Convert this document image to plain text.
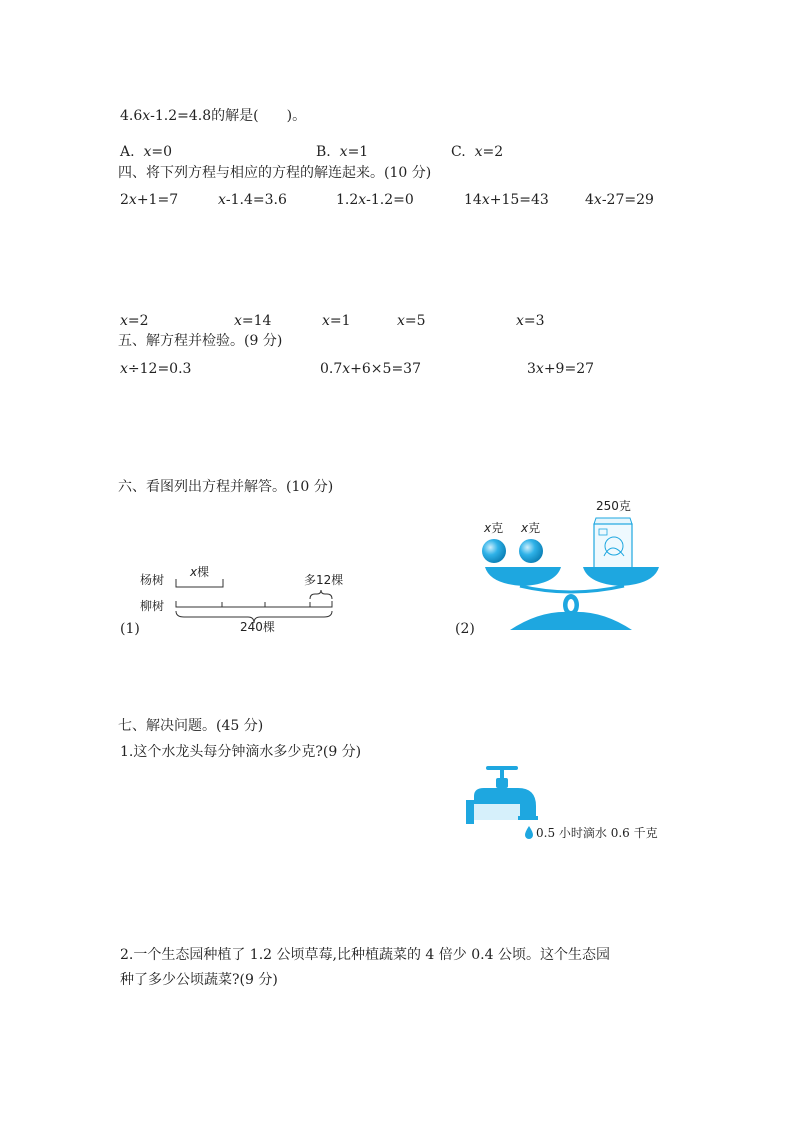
4.6x-1.2=4.8的解是(　　)。
A. x=0	B. x=1	C. x=2
四、将下列方程与相应的方程的解连起来。(10 分)
2x+1=7	x-1.4=3.6	1.2x-1.2=0	14x+15=43	4x-27=29
x=2	x=14	x=1	x=5	x=3
五、解方程并检验。(9 分)
x÷12=0.3	0.7x+6×5=37	3x+9=27
六、看图列出方程并解答。(10 分)
x棵
杨树	多12棵
柳树
(1)	240棵	(2)
x克 x克
250克
七、解决问题。(45 分)
1.这个水龙头每分钟滴水多少克?(9 分)
0.5 小时滴水 0.6 千克
2.一个生态园种植了 1.2 公顷草莓,比种植蔬菜的 4 倍少 0.4 公顷。这个生态园
种了多少公顷蔬菜?(9 分)
